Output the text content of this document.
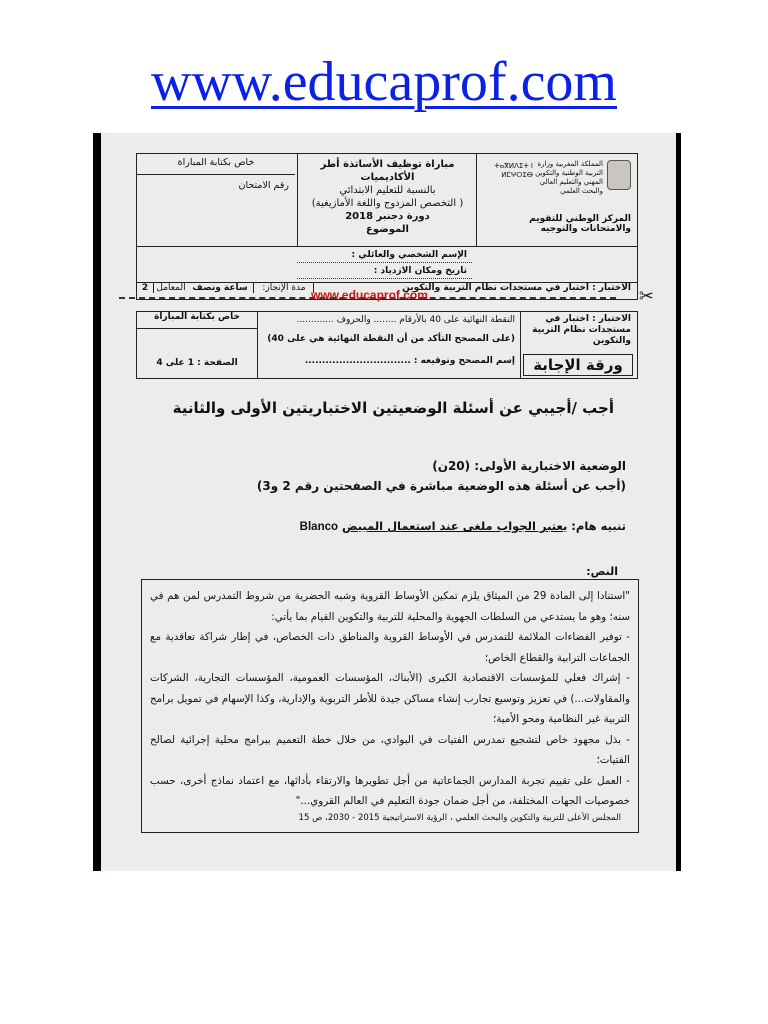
www.educaprof.com
المملكة المغربية وزارة التربية الوطنية والتكوين المهني والتعليم العالي والبحث العلمي
ⵜⴰⴳⵍⴷⵉⵜ ⵏ ⵍⵎⵖⵔⵉⴱ
المركز الوطني للتقويم والامتحانات والتوجيه
مباراة توظيف الأساتذة أطر الأكاديميات
بالنسبة للتعليم الابتدائي
( التخصص المزدوج واللغة الأمازيغية)
دورة دجنبر 2018
الموضوع
خاص بكتابة المباراة
رقم الامتحان
الإسم الشخصي والعائلي :
تاريخ ومكان الازدياد :
الاختبار : اختبار في مستجدات نظام التربية والتكوين
مدة الإنجاز:
ساعة ونصف
المعامل
2	✂
www.educaprof.com
الاختبار : اختبار في مستجدات نظام التربية والتكوين
ورقة الإجابة
النقطة النهائية على 40 بالأرقام ........ والحروف .............
(على المصحح التأكد من أن النقطة النهائية هي على 40)
إسم المصحح وتوقيعه : ...............................
خاص بكتابة المباراة
الصفحة : 1 على 4
أجب /أجيبي عن أسئلة الوضعيتين الاختباريتين الأولى والثانية
الوضعية الاختبارية الأولى: (20ن)
(أجب عن أسئلة هذه الوضعية مباشرة في الصفحتين رقم 2 و3)
تنبيه هام: يعتبر الجواب ملغى عند استعمال المبيض Blanco
النص:
"استنادا إلى المادة 29 من الميثاق يلزم تمكين الأوساط القروية وشبه الحضرية من شروط التمدرس لمن هم في سنه؛ وهو ما يستدعي من السلطات الجهوية والمحلية للتربية والتكوين القيام بما يأتي:
- توفير الفضاءات الملائمة للتمدرس في الأوساط القروية والمناطق ذات الخصاص، في إطار شراكة تعاقدية مع الجماعات الترابية والقطاع الخاص؛
- إشراك فعلي للمؤسسات الاقتصادية الكبرى (الأبناك، المؤسسات العمومية، المؤسسات التجارية، الشركات والمقاولات...) في تعزيز وتوسيع تجارب إنشاء مساكن جيدة للأطر التربوية والإدارية، وكذا الإسهام في تمويل برامج التربية غير النظامية ومحو الأمية؛
- بذل مجهود خاص لتشجيع تمدرس الفتيات في البوادي، من خلال خطة التعميم ببرامج محلية إجرائية لصالح الفتيات؛
- العمل على تقييم تجربة المدارس الجماعاتية من أجل تطويرها والارتقاء بأدائها، مع اعتماد نماذج أخرى، حسب خصوصيات الجهات المختلفة، من أجل ضمان جودة التعليم في العالم القروي..."
المجلس الأعلى للتربية والتكوين والبحث العلمي ، الرؤية الاستراتيجية 2015 - 2030، ص 15
